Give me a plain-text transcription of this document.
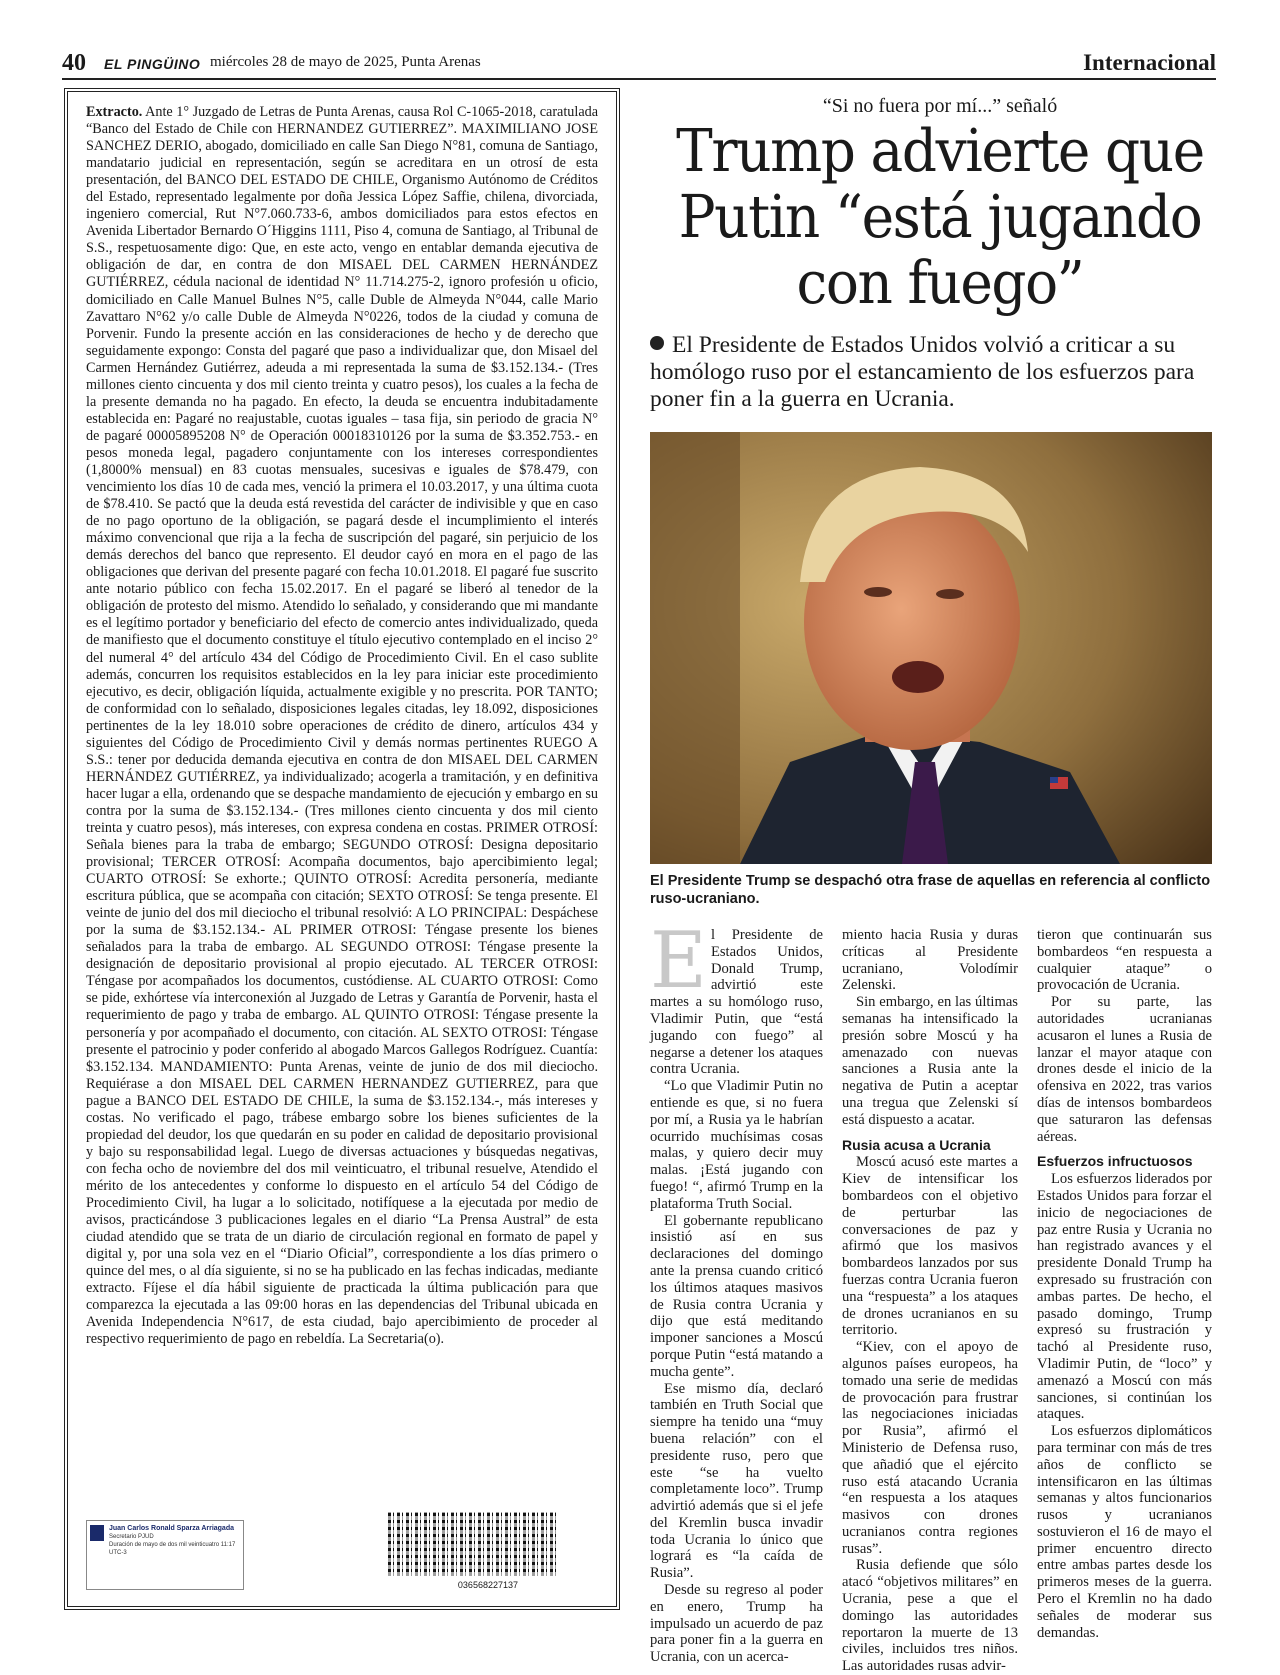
40 EL PINGÜINO miércoles 28 de mayo de 2025, Punta Arenas	Internacional

Extracto. Ante 1° Juzgado de Letras de Punta Arenas, causa Rol C-1065-2018, caratulada “Banco del Estado de Chile con HERNANDEZ GUTIERREZ”. MAXIMILIANO JOSE SANCHEZ DERIO, abogado, domiciliado en calle San Diego N°81, comuna de Santiago, mandatario judicial en representación, según se acreditara en un otrosí de esta presentación, del BANCO DEL ESTADO DE CHILE, Organismo Autónomo de Créditos del Estado, representado legalmente por doña Jessica López Saffie, chilena, divorciada, ingeniero comercial, Rut N°7.060.733-6, ambos domiciliados para estos efectos en Avenida Libertador Bernardo O´Higgins 1111, Piso 4, comuna de Santiago, al Tribunal de S.S., respetuosamente digo: Que, en este acto, vengo en entablar demanda ejecutiva de obligación de dar, en contra de don MISAEL DEL CARMEN HERNÁNDEZ GUTIÉRREZ, cédula nacional de identidad N° 11.714.275-2, ignoro profesión u oficio, domiciliado en Calle Manuel Bulnes N°5, calle Duble de Almeyda N°044, calle Mario Zavattaro N°62 y/o calle Duble de Almeyda N°0226, todos de la ciudad y comuna de Porvenir. Fundo la presente acción en las consideraciones de hecho y de derecho que seguidamente expongo: Consta del pagaré que paso a individualizar que, don Misael del Carmen Hernández Gutiérrez, adeuda a mi representada la suma de $3.152.134.- (Tres millones ciento cincuenta y dos mil ciento treinta y cuatro pesos), los cuales a la fecha de la presente demanda no ha pagado. En efecto, la deuda se encuentra indubitadamente establecida en: Pagaré no reajustable, cuotas iguales – tasa fija, sin periodo de gracia N° de pagaré 00005895208 N° de Operación 00018310126 por la suma de $3.352.753.- en pesos moneda legal, pagadero conjuntamente con los intereses correspondientes (1,8000% mensual) en 83 cuotas mensuales, sucesivas e iguales de $78.479, con vencimiento los días 10 de cada mes, venció la primera el 10.03.2017, y una última cuota de $78.410. Se pactó que la deuda está revestida del carácter de indivisible y que en caso de no pago oportuno de la obligación, se pagará desde el incumplimiento el interés máximo convencional que rija a la fecha de suscripción del pagaré, sin perjuicio de los demás derechos del banco que represento. El deudor cayó en mora en el pago de las obligaciones que derivan del presente pagaré con fecha 10.01.2018. El pagaré fue suscrito ante notario público con fecha 15.02.2017. En el pagaré se liberó al tenedor de la obligación de protesto del mismo. Atendido lo señalado, y considerando que mi mandante es el legítimo portador y beneficiario del efecto de comercio antes individualizado, queda de manifiesto que el documento constituye el título ejecutivo contemplado en el inciso 2° del numeral 4° del artículo 434 del Código de Procedimiento Civil. En el caso sublite además, concurren los requisitos establecidos en la ley para iniciar este procedimiento ejecutivo, es decir, obligación líquida, actualmente exigible y no prescrita. POR TANTO; de conformidad con lo señalado, disposiciones legales citadas, ley 18.092, disposiciones pertinentes de la ley 18.010 sobre operaciones de crédito de dinero, artículos 434 y siguientes del Código de Procedimiento Civil y demás normas pertinentes RUEGO A S.S.: tener por deducida demanda ejecutiva en contra de don MISAEL DEL CARMEN HERNÁNDEZ GUTIÉRREZ, ya individualizado; acogerla a tramitación, y en definitiva hacer lugar a ella, ordenando que se despache mandamiento de ejecución y embargo en su contra por la suma de $3.152.134.- (Tres millones ciento cincuenta y dos mil ciento treinta y cuatro pesos), más intereses, con expresa condena en costas. PRIMER OTROSÍ: Señala bienes para la traba de embargo; SEGUNDO OTROSÍ: Designa depositario provisional; TERCER OTROSÍ: Acompaña documentos, bajo apercibimiento legal; CUARTO OTROSÍ: Se exhorte.; QUINTO OTROSÍ: Acredita personería, mediante escritura pública, que se acompaña con citación; SEXTO OTROSÍ: Se tenga presente. El veinte de junio del dos mil dieciocho el tribunal resolvió: A LO PRINCIPAL: Despáchese por la suma de $3.152.134.- AL PRIMER OTROSI: Téngase presente los bienes señalados para la traba de embargo. AL SEGUNDO OTROSI: Téngase presente la designación de depositario provisional al propio ejecutado. AL TERCER OTROSI: Téngase por acompañados los documentos, custódiense. AL CUARTO OTROSI: Como se pide, exhórtese vía interconexión al Juzgado de Letras y Garantía de Porvenir, hasta el requerimiento de pago y traba de embargo. AL QUINTO OTROSI: Téngase presente la personería y por acompañado el documento, con citación. AL SEXTO OTROSI: Téngase presente el patrocinio y poder conferido al abogado Marcos Gallegos Rodríguez. Cuantía: $3.152.134. MANDAMIENTO: Punta Arenas, veinte de junio de dos mil dieciocho. Requiérase a don MISAEL DEL CARMEN HERNANDEZ GUTIERREZ, para que pague a BANCO DEL ESTADO DE CHILE, la suma de $3.152.134.-, más intereses y costas. No verificado el pago, trábese embargo sobre los bienes suficientes de la propiedad del deudor, los que quedarán en su poder en calidad de depositario provisional y bajo su responsabilidad legal. Luego de diversas actuaciones y búsquedas negativas, con fecha ocho de noviembre del dos mil veinticuatro, el tribunal resuelve, Atendido el mérito de los antecedentes y conforme lo dispuesto en el artículo 54 del Código de Procedimiento Civil, ha lugar a lo solicitado, notifíquese a la ejecutada por medio de avisos, practicándose 3 publicaciones legales en el diario “La Prensa Austral” de esta ciudad atendido que se trata de un diario de circulación regional en formato de papel y digital y, por una sola vez en el “Diario Oficial”, correspondiente a los días primero o quince del mes, o al día siguiente, si no se ha publicado en las fechas indicadas, mediante extracto. Fíjese el día hábil siguiente de practicada la última publicación para que comparezca la ejecutada a las 09:00 horas en las dependencias del Tribunal ubicada en Avenida Independencia N°617, de esta ciudad, bajo apercibimiento de proceder al respectivo requerimiento de pago en rebeldía. La Secretaria(o).

Juan Carlos Ronald Sparza Arriagada
Secretario PJUD
Duración de mayo de dos mil veinticuatro 11:17
UTC-3
036568227137
“Si no fuera por mí...” señaló
Trump advierte que Putin “está jugando con fuego”

El Presidente de Estados Unidos volvió a criticar a su homólogo ruso por el estancamiento de los esfuerzos para poner fin a la guerra en Ucrania.

El Presidente Trump se despachó otra frase de aquellas en referencia al conflicto ruso-ucraniano.

E l Presidente de Estados Unidos, Donald Trump, advirtió este martes a su homólogo ruso, Vladimir Putin, que “está jugando con fuego” al negarse a detener los ataques contra Ucrania.

“Lo que Vladimir Putin no entiende es que, si no fuera por mí, a Rusia ya le habrían ocurrido muchísimas cosas malas, y quiero decir muy malas. ¡Está jugando con fuego! “, afirmó Trump en la plataforma Truth Social.

El gobernante republicano insistió así en sus declaraciones del domingo ante la prensa cuando criticó los últimos ataques masivos de Rusia contra Ucrania y dijo que está meditando imponer sanciones a Moscú porque Putin “está matando a mucha gente”.

Ese mismo día, declaró también en Truth Social que siempre ha tenido una “muy buena relación” con el presidente ruso, pero que este “se ha vuelto completamente loco”. Trump advirtió además que si el jefe del Kremlin busca invadir toda Ucrania lo único que logrará es “la caída de Rusia”.

Desde su regreso al poder en enero, Trump ha impulsado un acuerdo de paz para poner fin a la guerra en Ucrania, con un acerca-

miento hacia Rusia y duras críticas al Presidente ucraniano, Volodímir Zelenski.

Sin embargo, en las últimas semanas ha intensificado la presión sobre Moscú y ha amenazado con nuevas sanciones a Rusia ante la negativa de Putin a aceptar una tregua que Zelenski sí está dispuesto a acatar.

Rusia acusa a Ucrania

Moscú acusó este martes a Kiev de intensificar los bombardeos con el objetivo de perturbar las conversaciones de paz y afirmó que los masivos bombardeos lanzados por sus fuerzas contra Ucrania fueron una “respuesta” a los ataques de drones ucranianos en su territorio.

“Kiev, con el apoyo de algunos países europeos, ha tomado una serie de medidas de provocación para frustrar las negociaciones iniciadas por Rusia”, afirmó el Ministerio de Defensa ruso, que añadió que el ejército ruso está atacando Ucrania “en respuesta a los ataques masivos con drones ucranianos contra regiones rusas”.

Rusia defiende que sólo atacó “objetivos militares” en Ucrania, pese a que el domingo las autoridades reportaron la muerte de 13 civiles, incluidos tres niños. Las autoridades rusas advir-

tieron que continuarán sus bombardeos “en respuesta a cualquier ataque” o provocación de Ucrania.

Por su parte, las autoridades ucranianas acusaron el lunes a Rusia de lanzar el mayor ataque con drones desde el inicio de la ofensiva en 2022, tras varios días de intensos bombardeos que saturaron las defensas aéreas.

Esfuerzos infructuosos

Los esfuerzos liderados por Estados Unidos para forzar el inicio de negociaciones de paz entre Rusia y Ucrania no han registrado avances y el presidente Donald Trump ha expresado su frustración con ambas partes. De hecho, el pasado domingo, Trump expresó su frustración y tachó al Presidente ruso, Vladimir Putin, de “loco” y amenazó a Moscú con más sanciones, si continúan los ataques.

Los esfuerzos diplomáticos para terminar con más de tres años de conflicto se intensificaron en las últimas semanas y altos funcionarios rusos y ucranianos sostuvieron el 16 de mayo el primer encuentro directo entre ambas partes desde los primeros meses de la guerra. Pero el Kremlin no ha dado señales de moderar sus demandas.
